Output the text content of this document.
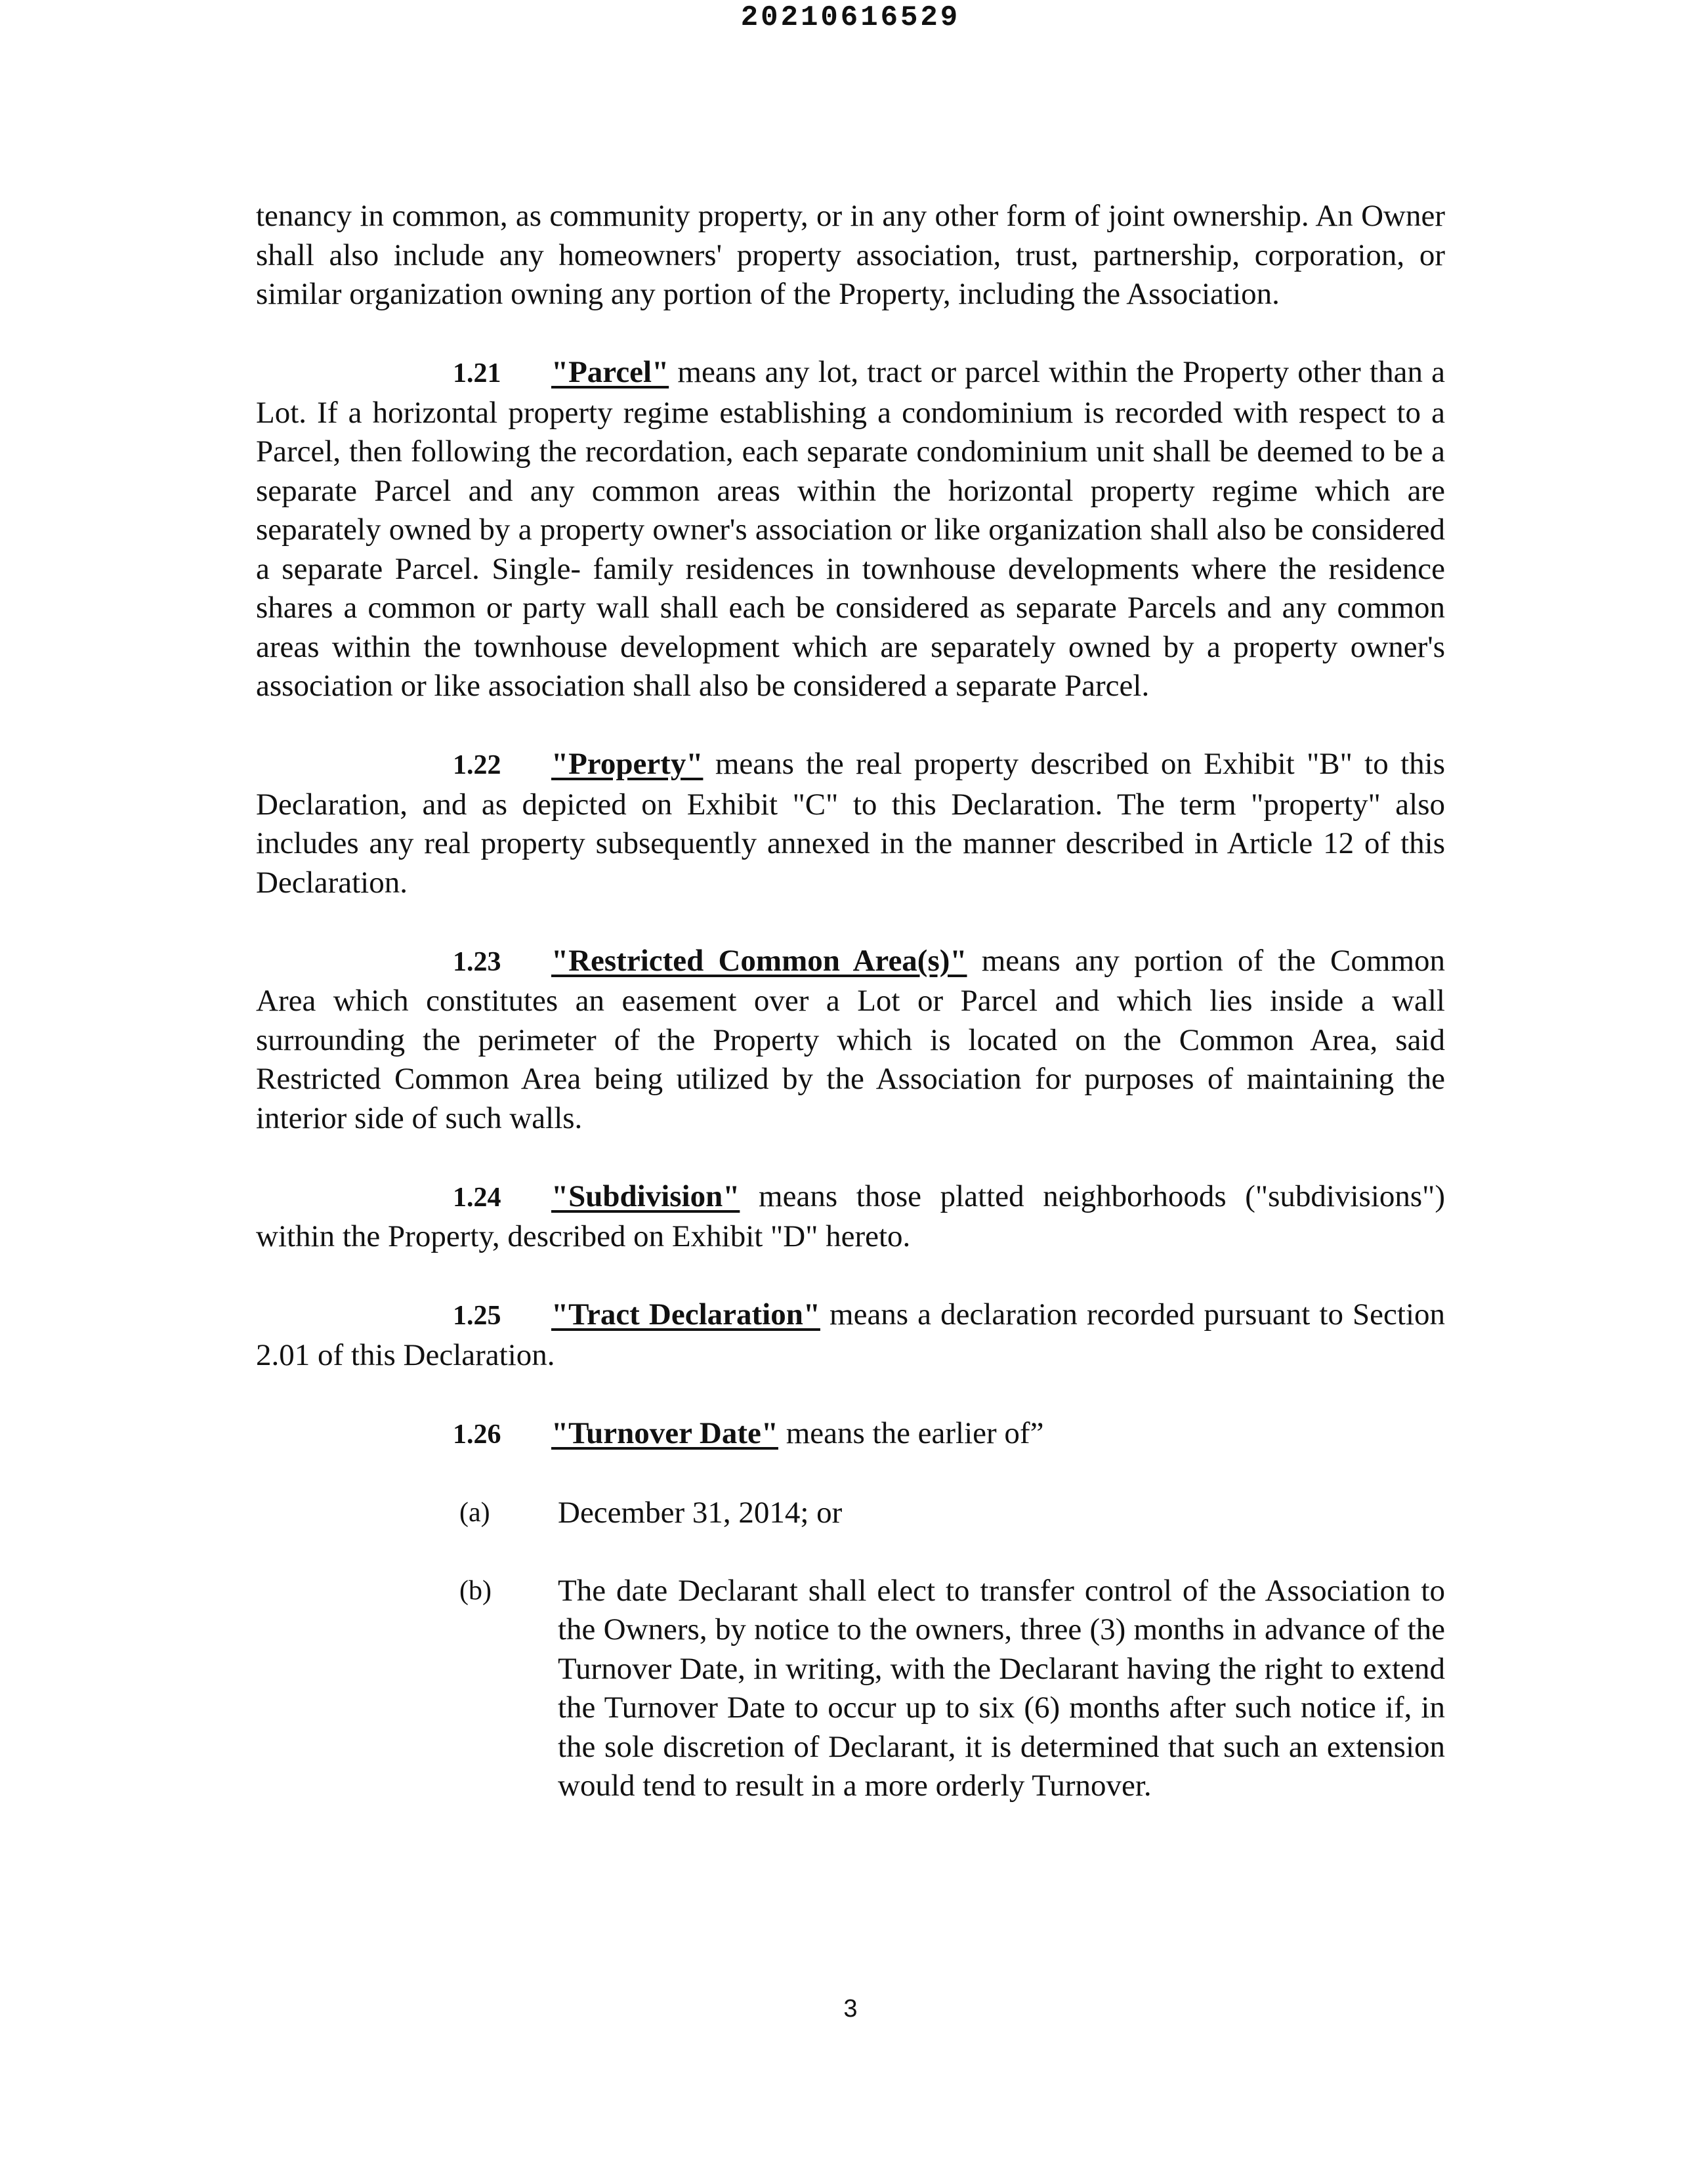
20210616529

tenancy in common, as community property, or in any other form of joint ownership. An Owner shall also include any homeowners' property association, trust, partnership, corporation, or similar organization owning any portion of the Property, including the Association.

1.21 "Parcel" means any lot, tract or parcel within the Property other than a Lot. If a horizontal property regime establishing a condominium is recorded with respect to a Parcel, then following the recordation, each separate condominium unit shall be deemed to be a separate Parcel and any common areas within the horizontal property regime which are separately owned by a property owner's association or like organization shall also be considered a separate Parcel. Single- family residences in townhouse developments where the residence shares a common or party wall shall each be considered as separate Parcels and any common areas within the townhouse development which are separately owned by a property owner's association or like association shall also be considered a separate Parcel.

1.22 "Property" means the real property described on Exhibit "B" to this Declaration, and as depicted on Exhibit "C" to this Declaration. The term "property" also includes any real property subsequently annexed in the manner described in Article 12 of this Declaration.

1.23 "Restricted Common Area(s)" means any portion of the Common Area which constitutes an easement over a Lot or Parcel and which lies inside a wall surrounding the perimeter of the Property which is located on the Common Area, said Restricted Common Area being utilized by the Association for purposes of maintaining the interior side of such walls.

1.24 "Subdivision" means those platted neighborhoods ("subdivisions") within the Property, described on Exhibit "D" hereto.

1.25 "Tract Declaration" means a declaration recorded pursuant to Section 2.01 of this Declaration.

1.26 "Turnover Date" means the earlier of”

(a)	December 31, 2014; or
(b)	The date Declarant shall elect to transfer control of the Association to the Owners, by notice to the owners, three (3) months in advance of the Turnover Date, in writing, with the Declarant having the right to extend the Turnover Date to occur up to six (6) months after such notice if, in the sole discretion of Declarant, it is determined that such an extension would tend to result in a more orderly Turnover.
3
